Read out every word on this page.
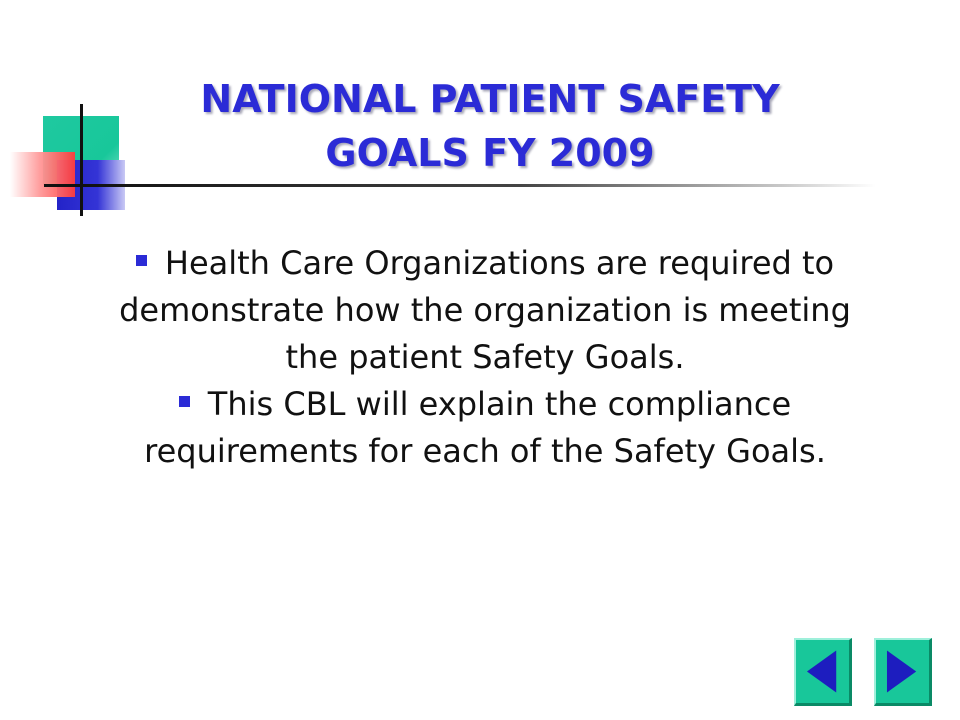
NATIONAL PATIENT SAFETY GOALS FY 2009
Health Care Organizations are required to demonstrate how the organization is meeting the patient Safety Goals.
This CBL will explain the compliance requirements for each of the Safety Goals.
